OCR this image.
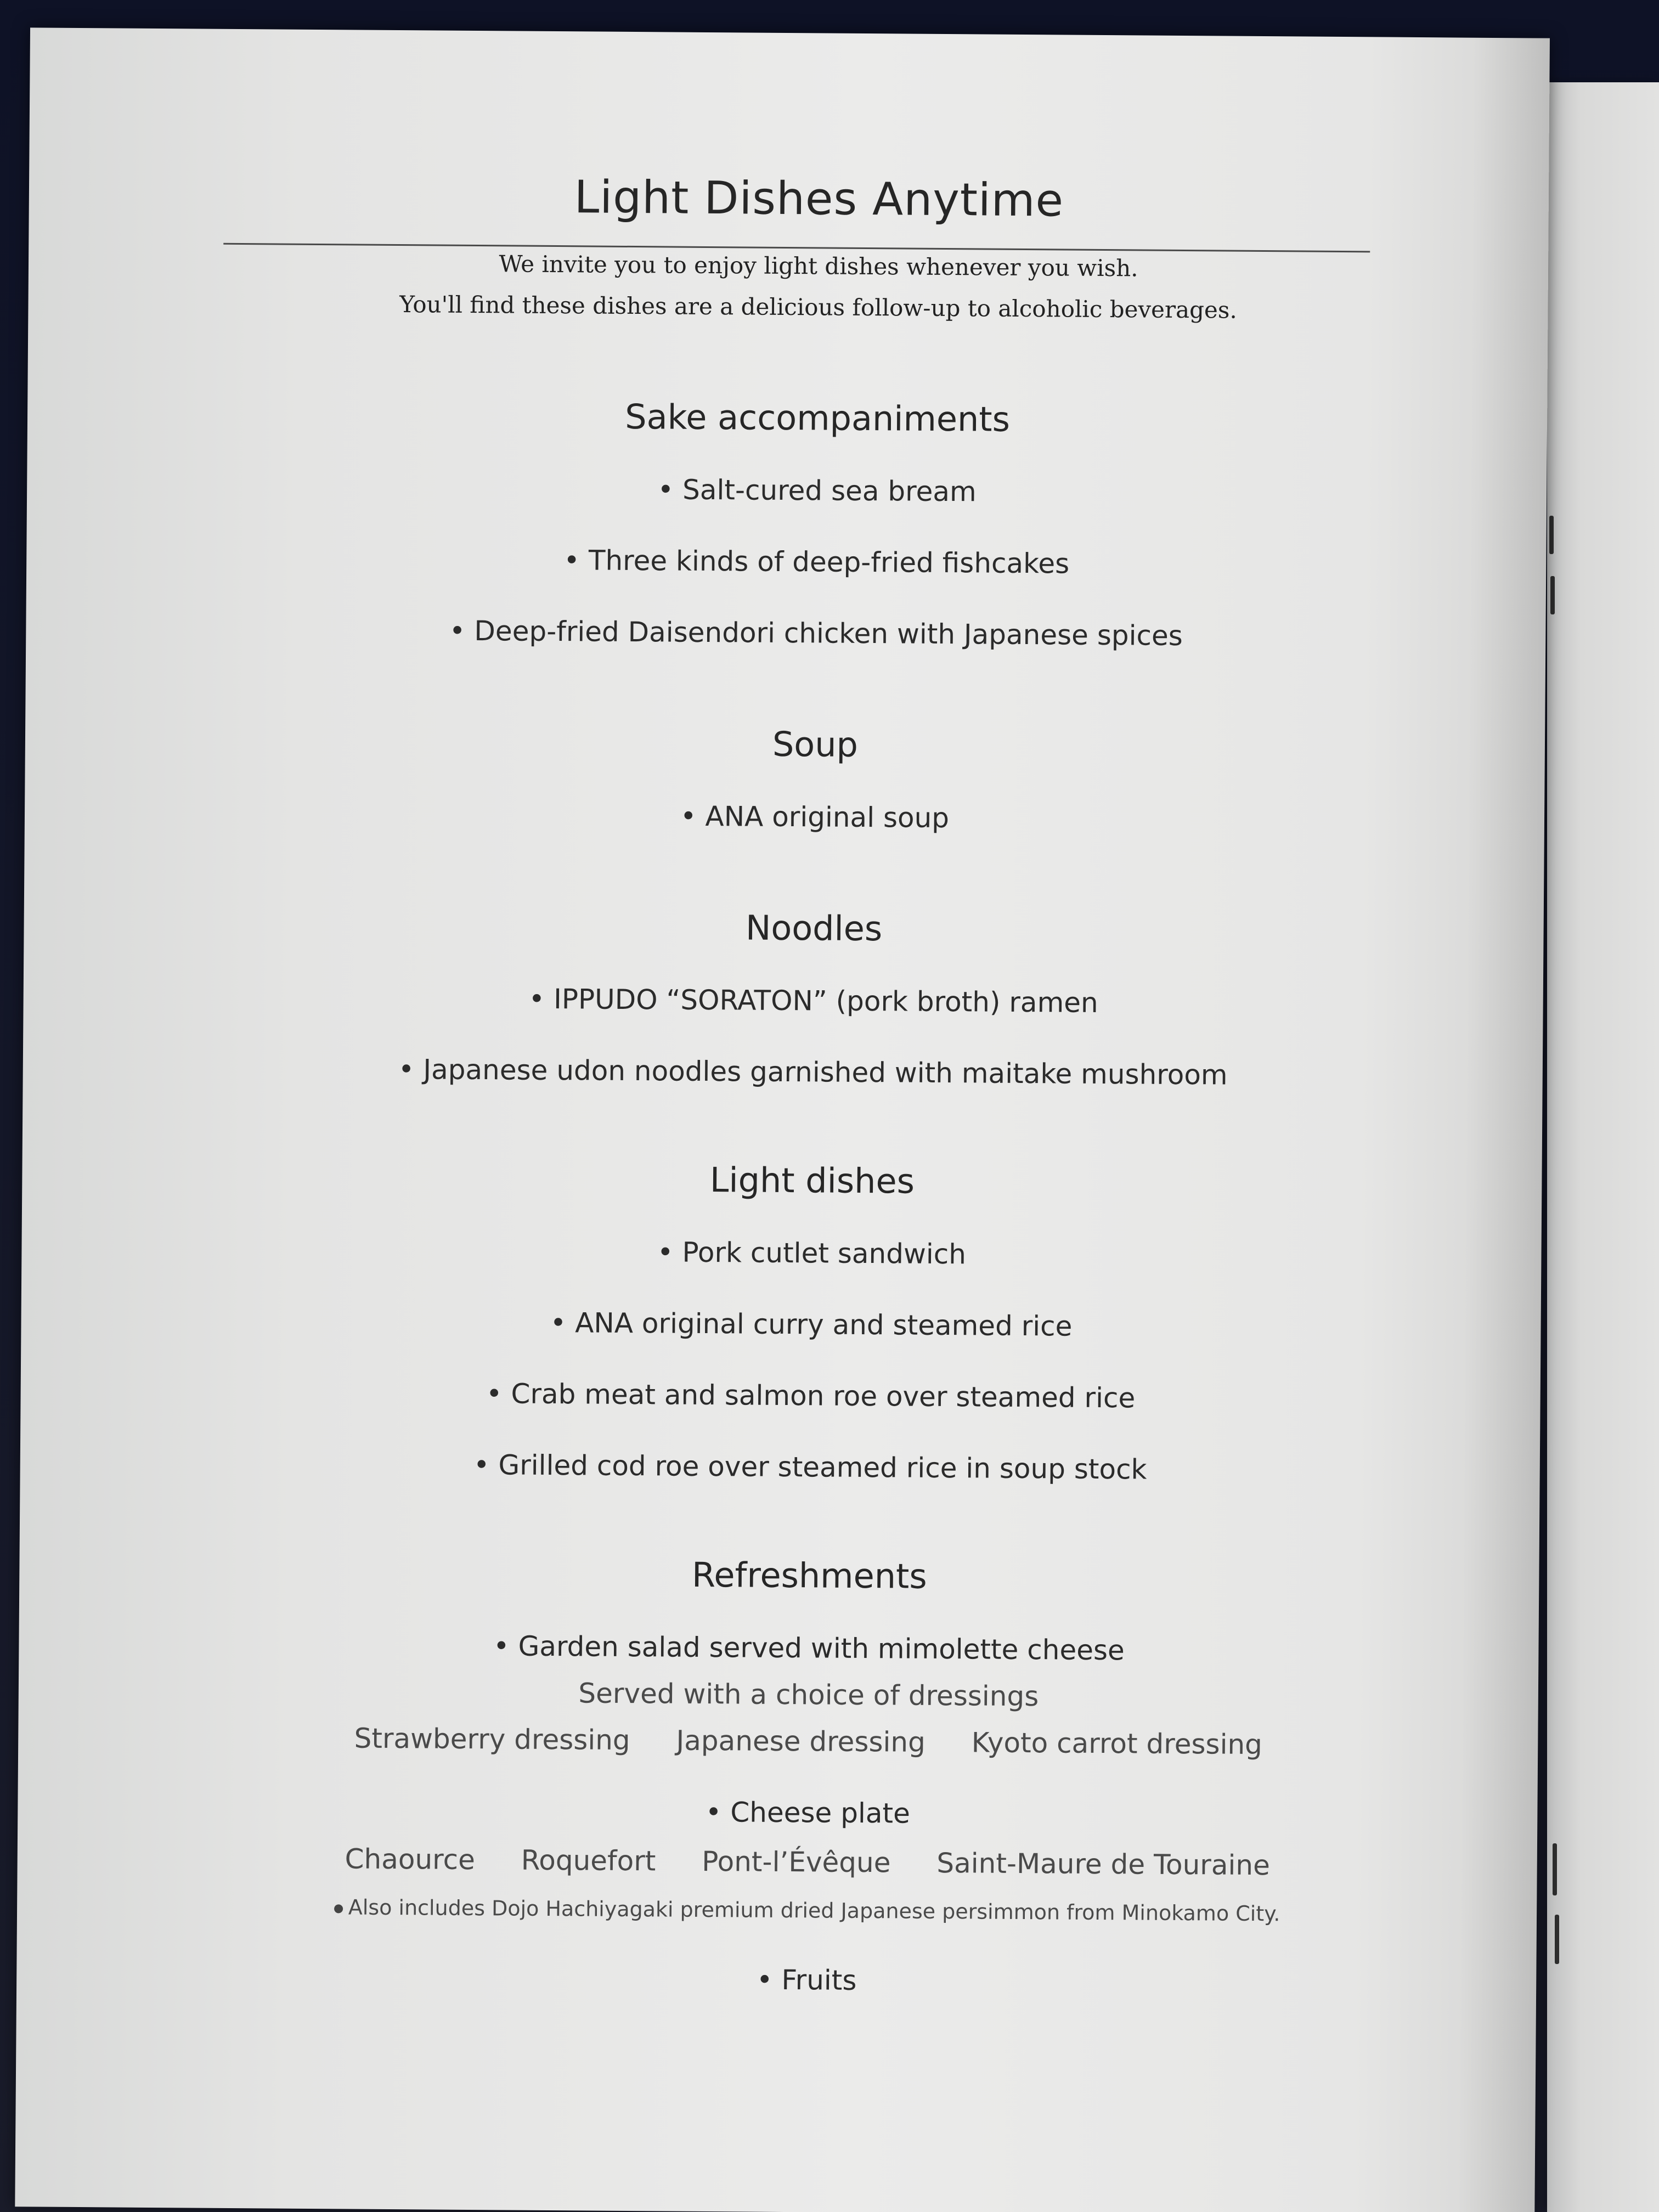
Light Dishes Anytime
We invite you to enjoy light dishes whenever you wish.
You'll find these dishes are a delicious follow-up to alcoholic beverages.
Sake accompaniments
• Salt-cured sea bream
• Three kinds of deep-fried fishcakes
• Deep-fried Daisendori chicken with Japanese spices
Soup
• ANA original soup
Noodles
• IPPUDO “SORATON” (pork broth) ramen
• Japanese udon noodles garnished with maitake mushroom
Light dishes
• Pork cutlet sandwich
• ANA original curry and steamed rice
• Crab meat and salmon roe over steamed rice
• Grilled cod roe over steamed rice in soup stock
Refreshments
• Garden salad served with mimolette cheese
Served with a choice of dressings
Strawberry dressing Japanese dressing Kyoto carrot dressing
• Cheese plate
Chaource Roquefort Pont-l’Évêque Saint-Maure de Touraine
Also includes Dojo Hachiyagaki premium dried Japanese persimmon from Minokamo City.
• Fruits
